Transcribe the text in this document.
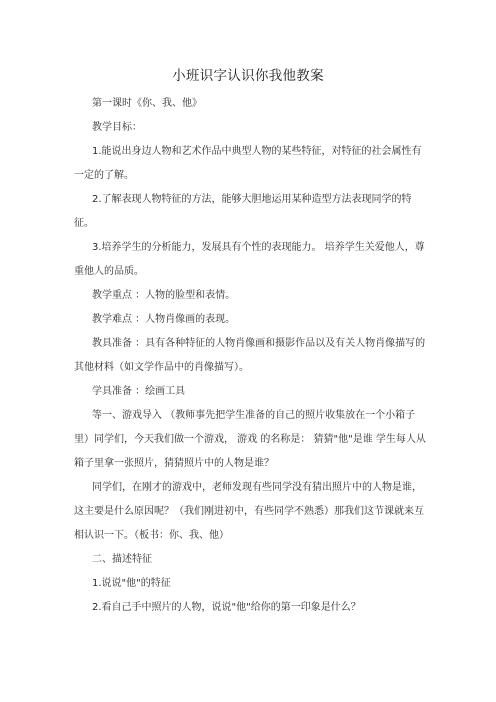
小班识字认识你我他教案

第一课时《你、我、他》

教学目标：

1.能说出身边人物和艺术作品中典型人物的某些特征，对特征的社会属性有一定的了解。

2.了解表现人物特征的方法，能够大胆地运用某种造型方法表现同学的特征。

3.培养学生的分析能力，发展具有个性的表现能力。 培养学生关爱他人，尊重他人的品质。

教学重点 ：人物的脸型和表情。

教学难点 ：人物肖像画的表现。

教具准备 ：具有各种特征的人物肖像画和摄影作品以及有关人物肖像描写的其他材料（如文学作品中的肖像描写）。

学具准备 ：绘画工具

等一、游戏导入 （教师事先把学生准备的自己的照片收集放在一个小箱子里）同学们，今天我们做一个游戏， 游戏 的名称是： 猜猜"他"是谁 学生每人从箱子里拿一张照片，猜猜照片中的人物是谁？

同学们，在刚才的游戏中，老师发现有些同学没有猜出照片中的人物是谁，这主要是什么原因呢？（我们刚进初中，有些同学不熟悉）那我们这节课就来互相认识一下。（板书：你、我、他）

二、描述特征

1.说说"他"的特征

2.看自己手中照片的人物，说说"他"给你的第一印象是什么？
